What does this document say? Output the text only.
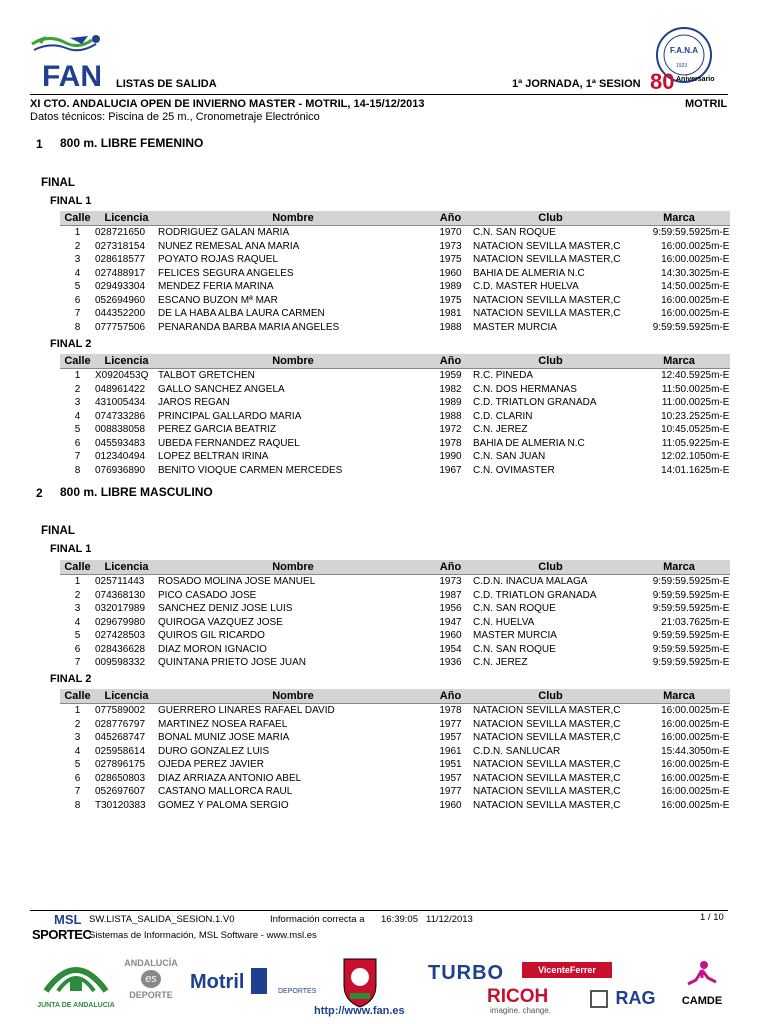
FAN LISTAS DE SALIDA	1ª JORNADA, 1ª SESION
F.A.N.A
1933
80 Aniversario
XI CTO. ANDALUCIA OPEN DE INVIERNO MASTER - MOTRIL, 14-15/12/2013	MOTRIL
Datos técnicos: Piscina de 25 m., Cronometraje Electrónico
1 800 m. LIBRE FEMENINO
FINAL
FINAL 1
Calle	Licencia	Nombre	Año	Club	Marca	
1	028721650	RODRIGUEZ GALAN MARIA	1970	C.N. SAN ROQUE	9:59:59.59	25m-E
2	027318154	NUNEZ REMESAL ANA MARIA	1973	NATACION SEVILLA MASTER,C	16:00.00	25m-E
3	028618577	POYATO ROJAS RAQUEL	1975	NATACION SEVILLA MASTER,C	16:00.00	25m-E
4	027488917	FELICES SEGURA ANGELES	1960	BAHIA DE ALMERIA N.C	14:30.30	25m-E
5	029493304	MENDEZ FERIA MARINA	1989	C.D. MASTER HUELVA	14:50.00	25m-E
6	052694960	ESCANO BUZON Mª MAR	1975	NATACION SEVILLA MASTER,C	16:00.00	25m-E
7	044352200	DE LA HABA ALBA LAURA CARMEN	1981	NATACION SEVILLA MASTER,C	16:00.00	25m-E
8	077757506	PENARANDA BARBA MARIA ANGELES	1988	MASTER MURCIA	9:59:59.59	25m-E
FINAL 2
Calle	Licencia	Nombre	Año	Club	Marca	
1	X0920453Q	TALBOT GRETCHEN	1959	R.C. PINEDA	12:40.59	25m-E
2	048961422	GALLO SANCHEZ ANGELA	1982	C.N. DOS HERMANAS	11:50.00	25m-E
3	431005434	JAROS REGAN	1989	C.D. TRIATLON GRANADA	11:00.00	25m-E
4	074733286	PRINCIPAL GALLARDO MARIA	1988	C.D. CLARIN	10:23.25	25m-E
5	008838058	PEREZ GARCIA BEATRIZ	1972	C.N. JEREZ	10:45.05	25m-E
6	045593483	UBEDA FERNANDEZ RAQUEL	1978	BAHIA DE ALMERIA N.C	11:05.92	25m-E
7	012340494	LOPEZ BELTRAN IRINA	1990	C.N. SAN JUAN	12:02.10	50m-E
8	076936890	BENITO VIOQUE CARMEN MERCEDES	1967	C.N. OVIMASTER	14:01.16	25m-E
2 800 m. LIBRE MASCULINO
FINAL
FINAL 1
Calle	Licencia	Nombre	Año	Club	Marca	
1	025711443	ROSADO MOLINA JOSE MANUEL	1973	C.D.N. INACUA MALAGA	9:59:59.59	25m-E
2	074368130	PICO CASADO JOSE	1987	C.D. TRIATLON GRANADA	9:59:59.59	25m-E
3	032017989	SANCHEZ DENIZ JOSE LUIS	1956	C.N. SAN ROQUE	9:59:59.59	25m-E
4	029679980	QUIROGA VAZQUEZ JOSE	1947	C.N. HUELVA	21:03.76	25m-E
5	027428503	QUIROS GIL RICARDO	1960	MASTER MURCIA	9:59:59.59	25m-E
6	028436628	DIAZ MORON IGNACIO	1954	C.N. SAN ROQUE	9:59:59.59	25m-E
7	009598332	QUINTANA PRIETO JOSE JUAN	1936	C.N. JEREZ	9:59:59.59	25m-E
FINAL 2
Calle	Licencia	Nombre	Año	Club	Marca	
1	077589002	GUERRERO LINARES RAFAEL DAVID	1978	NATACION SEVILLA MASTER,C	16:00.00	25m-E
2	028776797	MARTINEZ NOSEA RAFAEL	1977	NATACION SEVILLA MASTER,C	16:00.00	25m-E
3	045268747	BONAL MUNIZ JOSE MARIA	1957	NATACION SEVILLA MASTER,C	16:00.00	25m-E
4	025958614	DURO GONZALEZ LUIS	1961	C.D.N. SANLUCAR	15:44.30	50m-E
5	027896175	OJEDA PEREZ JAVIER	1951	NATACION SEVILLA MASTER,C	16:00.00	25m-E
6	028650803	DIAZ ARRIAZA ANTONIO ABEL	1957	NATACION SEVILLA MASTER,C	16:00.00	25m-E
7	052697607	CASTANO MALLORCA RAUL	1977	NATACION SEVILLA MASTER,C	16:00.00	25m-E
8	T30120383	GOMEZ Y PALOMA SERGIO	1960	NATACION SEVILLA MASTER,C	16:00.00	25m-E
MSL
SPORTEC
SW.LISTA_SALIDA_SESION.1.V0	Información correcta a 16:39:05 11/12/2013	1 / 10
Sistemas de Información, MSL Software - www.msl.es
JUNTA DE ANDALUCIA
ANDALUCÍA
es
DEPORTE
Motril	DEPORTES
TURBO	VicenteFerrer
RICOH
imagine. change.
RAG	CAMDE
http://www.fan.es
